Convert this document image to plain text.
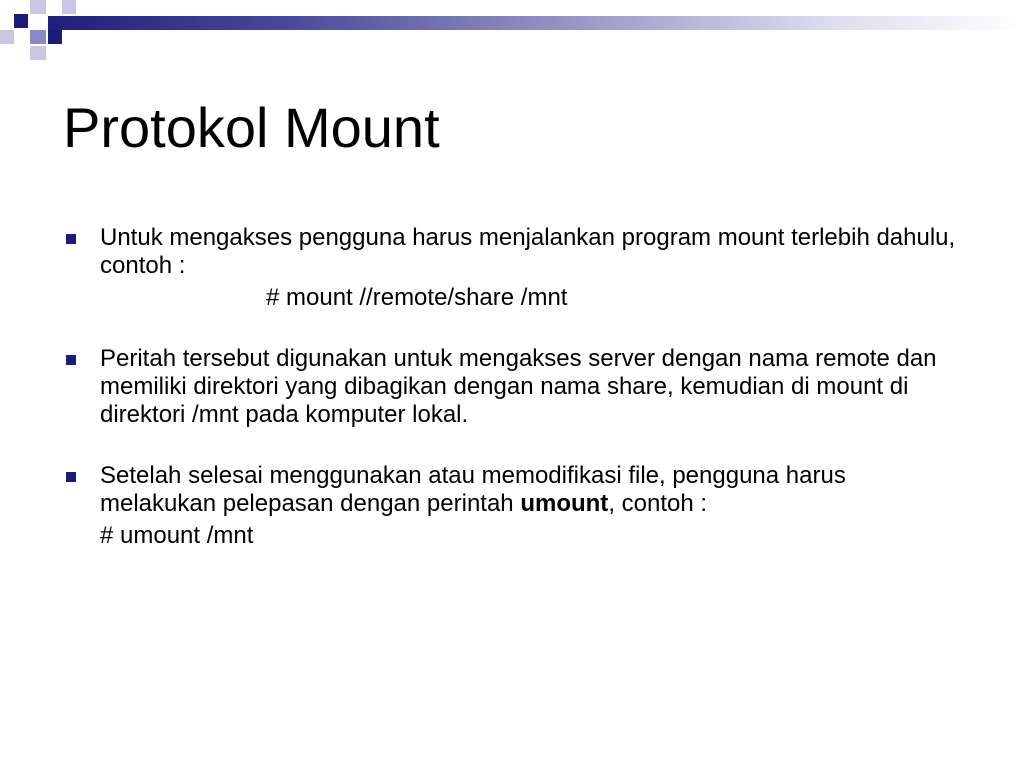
Protokol Mount
Untuk mengakses pengguna harus menjalankan program mount terlebih dahulu, contoh :
# mount //remote/share /mnt
Peritah tersebut digunakan untuk mengakses server dengan nama remote dan memiliki direktori yang dibagikan dengan nama share, kemudian di mount di direktori /mnt pada komputer lokal.
Setelah selesai menggunakan atau memodifikasi file, pengguna harus melakukan pelepasan dengan perintah umount, contoh :
# umount /mnt
